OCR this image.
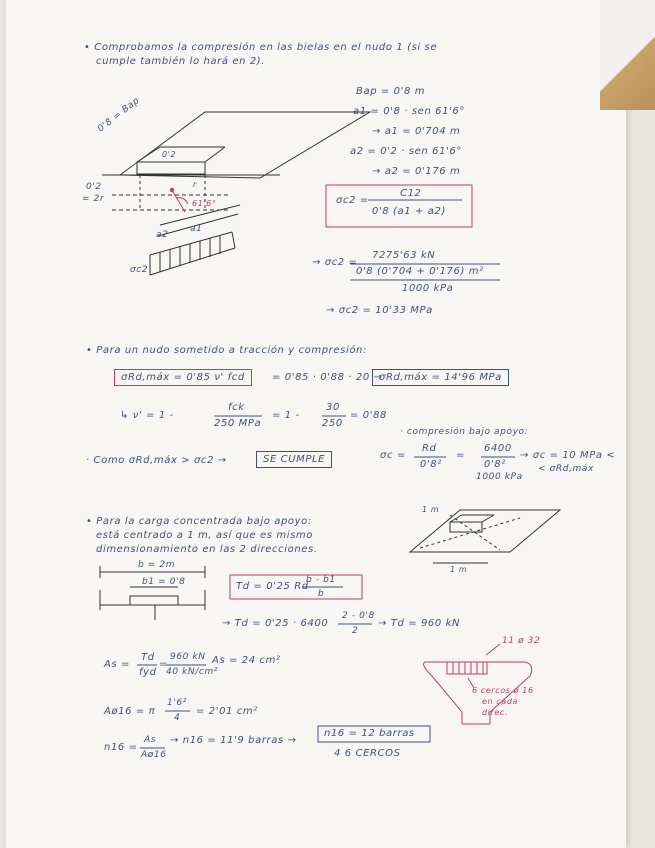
• Comprobamos la compresión en las bielas en el nudo 1 (si se
cumple también lo hará en 2).
Bap = 0'8 m
a1 = 0'8 · sen 61'6°
→ a1 = 0'704 m
a2 = 0'2 · sen 61'6°
→ a2 = 0'176 m
0'8 = Bap
0'2
0'2
= 2r
r
61'6°
a1
a2
σc2
σc2 =
C12
0'8 (a1 + a2)
→ σc2 =
7275'63 kN
0'8 (0'704 + 0'176) m²
1000 kPa
→ σc2 = 10'33 MPa
• Para un nudo sometido a tracción y compresión:
σRd,máx = 0'85 ν' fcd	= 0'85 · 0'88 · 20 →
σRd,máx = 14'96 MPa
↳ ν' = 1 -
fck
250 MPa
= 1 -
30
250
= 0'88
· compresión bajo apoyo:
σc =
Rd
0'8²
=
6400
0'8²
1000 kPa
→ σc = 10 MPa <
< σRd,máx
· Como σRd,máx > σc2 →	SE CUMPLE
• Para la carga concentrada bajo apoyo:
está centrado a 1 m, así que es mismo
dimensionamiento en las 2 direcciones.
1 m
1 m
b = 2m
b1 = 0'8	Td = 0'25 Rd
b - b1
b
→ Td = 0'25 · 6400
2 - 0'8
2
→ Td = 960 kN
As =
Td
fyd
=
960 kN
40 kN/cm²
As = 24 cm²
Aø16 = π
1'6²
4
= 2'01 cm²
n16 =
As
Aø16
→ n16 = 11'9 barras →
n16 = 12 barras
4 6 CERCOS
11 ø 32
6 cercos ø 16
en cada
direc.
